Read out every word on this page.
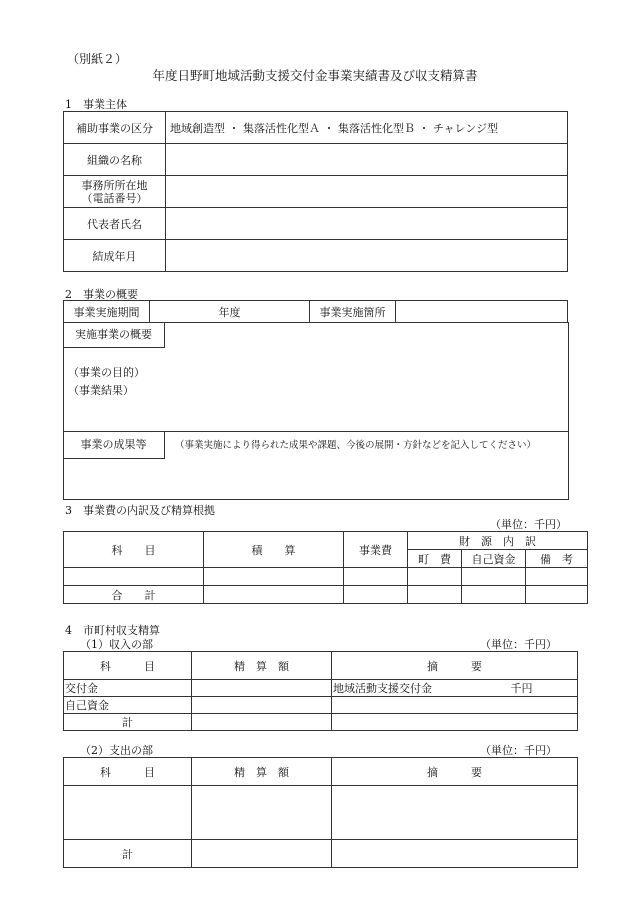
（別紙２）
年度日野町地域活動支援交付金事業実績書及び収支精算書
1　事業主体
補助事業の区分	地域創造型 ・ 集落活性化型Ａ ・ 集落活性化型Ｂ ・ チャレンジ型
組織の名称	

事務所所在地
（電話番号）	

代表者氏名	
結成年月	
2　事業の概要
事業実施期間	年度	事業実施箇所	
実施事業の概要
（事業の目的）
（事業結果）
事業の成果等	（事業実施により得られた成果や課題、今後の展開・方針などを記入してください）
3　事業費の内訳及び精算根拠
（単位：千円）
科　　目	積　　算	事業費	財　源　内　訳		
			町　費	自己資金	備　考

合　　計					
4　市町村収支精算
（1）収入の部	（単位：千円）
科　　　目	精　算　額	摘　　　要
交付金		地域活動支援交付金 千円

自己資金		
計		
（2）支出の部	（単位：千円）
科　　　目	精　算　額	摘　　　要

計		
